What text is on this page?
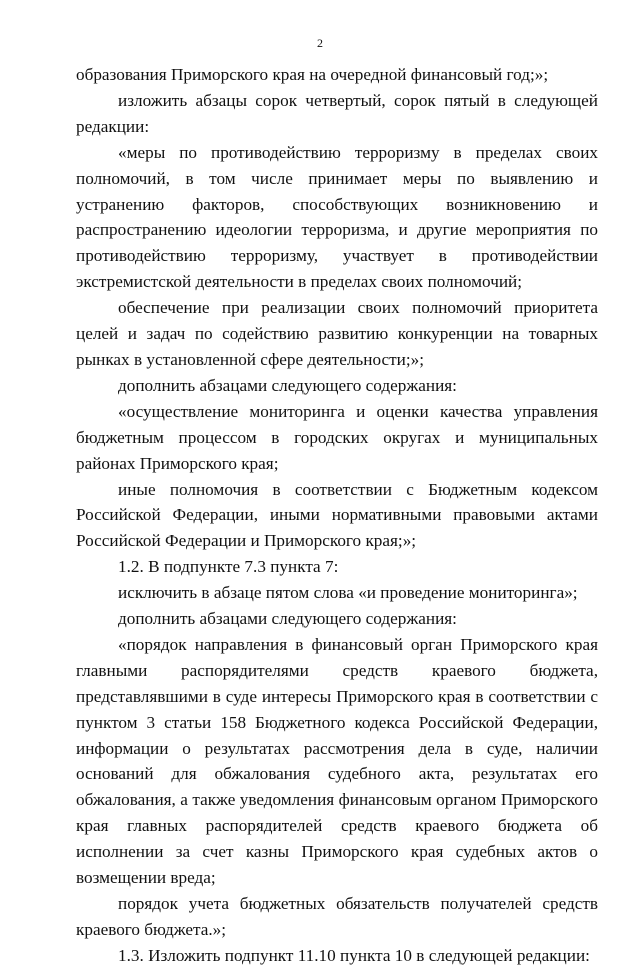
2

образования Приморского края на очередной финансовый год;»;

изложить абзацы сорок четвертый, сорок пятый в следующей редакции:

«меры по противодействию терроризму в пределах своих полномочий, в том числе принимает меры по выявлению и устранению факторов, способствующих возникновению и распространению идеологии терроризма, и другие мероприятия по противодействию терроризму, участвует в противодействии экстремистской деятельности в пределах своих полномочий;

обеспечение при реализации своих полномочий приоритета целей и задач по содействию развитию конкуренции на товарных рынках в установленной сфере деятельности;»;

дополнить абзацами следующего содержания:

«осуществление мониторинга и оценки качества управления бюджетным процессом в городских округах и муниципальных районах Приморского края;

иные полномочия в соответствии с Бюджетным кодексом Российской Федерации, иными нормативными правовыми актами Российской Федерации и Приморского края;»;

1.2. В подпункте 7.3 пункта 7:

исключить в абзаце пятом слова «и проведение мониторинга»;

дополнить абзацами следующего содержания:

«порядок направления в финансовый орган Приморского края главными распорядителями средств краевого бюджета, представлявшими в суде интересы Приморского края в соответствии с пунктом 3 статьи 158 Бюджетного кодекса Российской Федерации, информации о результатах рассмотрения дела в суде, наличии оснований для обжалования судебного акта, результатах его обжалования, а также уведомления финансовым органом Приморского края главных распорядителей средств краевого бюджета об исполнении за счет казны Приморского края судебных актов о возмещении вреда;

порядок учета бюджетных обязательств получателей средств краевого бюджета.»;

1.3. Изложить подпункт 11.10 пункта 10 в следующей редакции:
